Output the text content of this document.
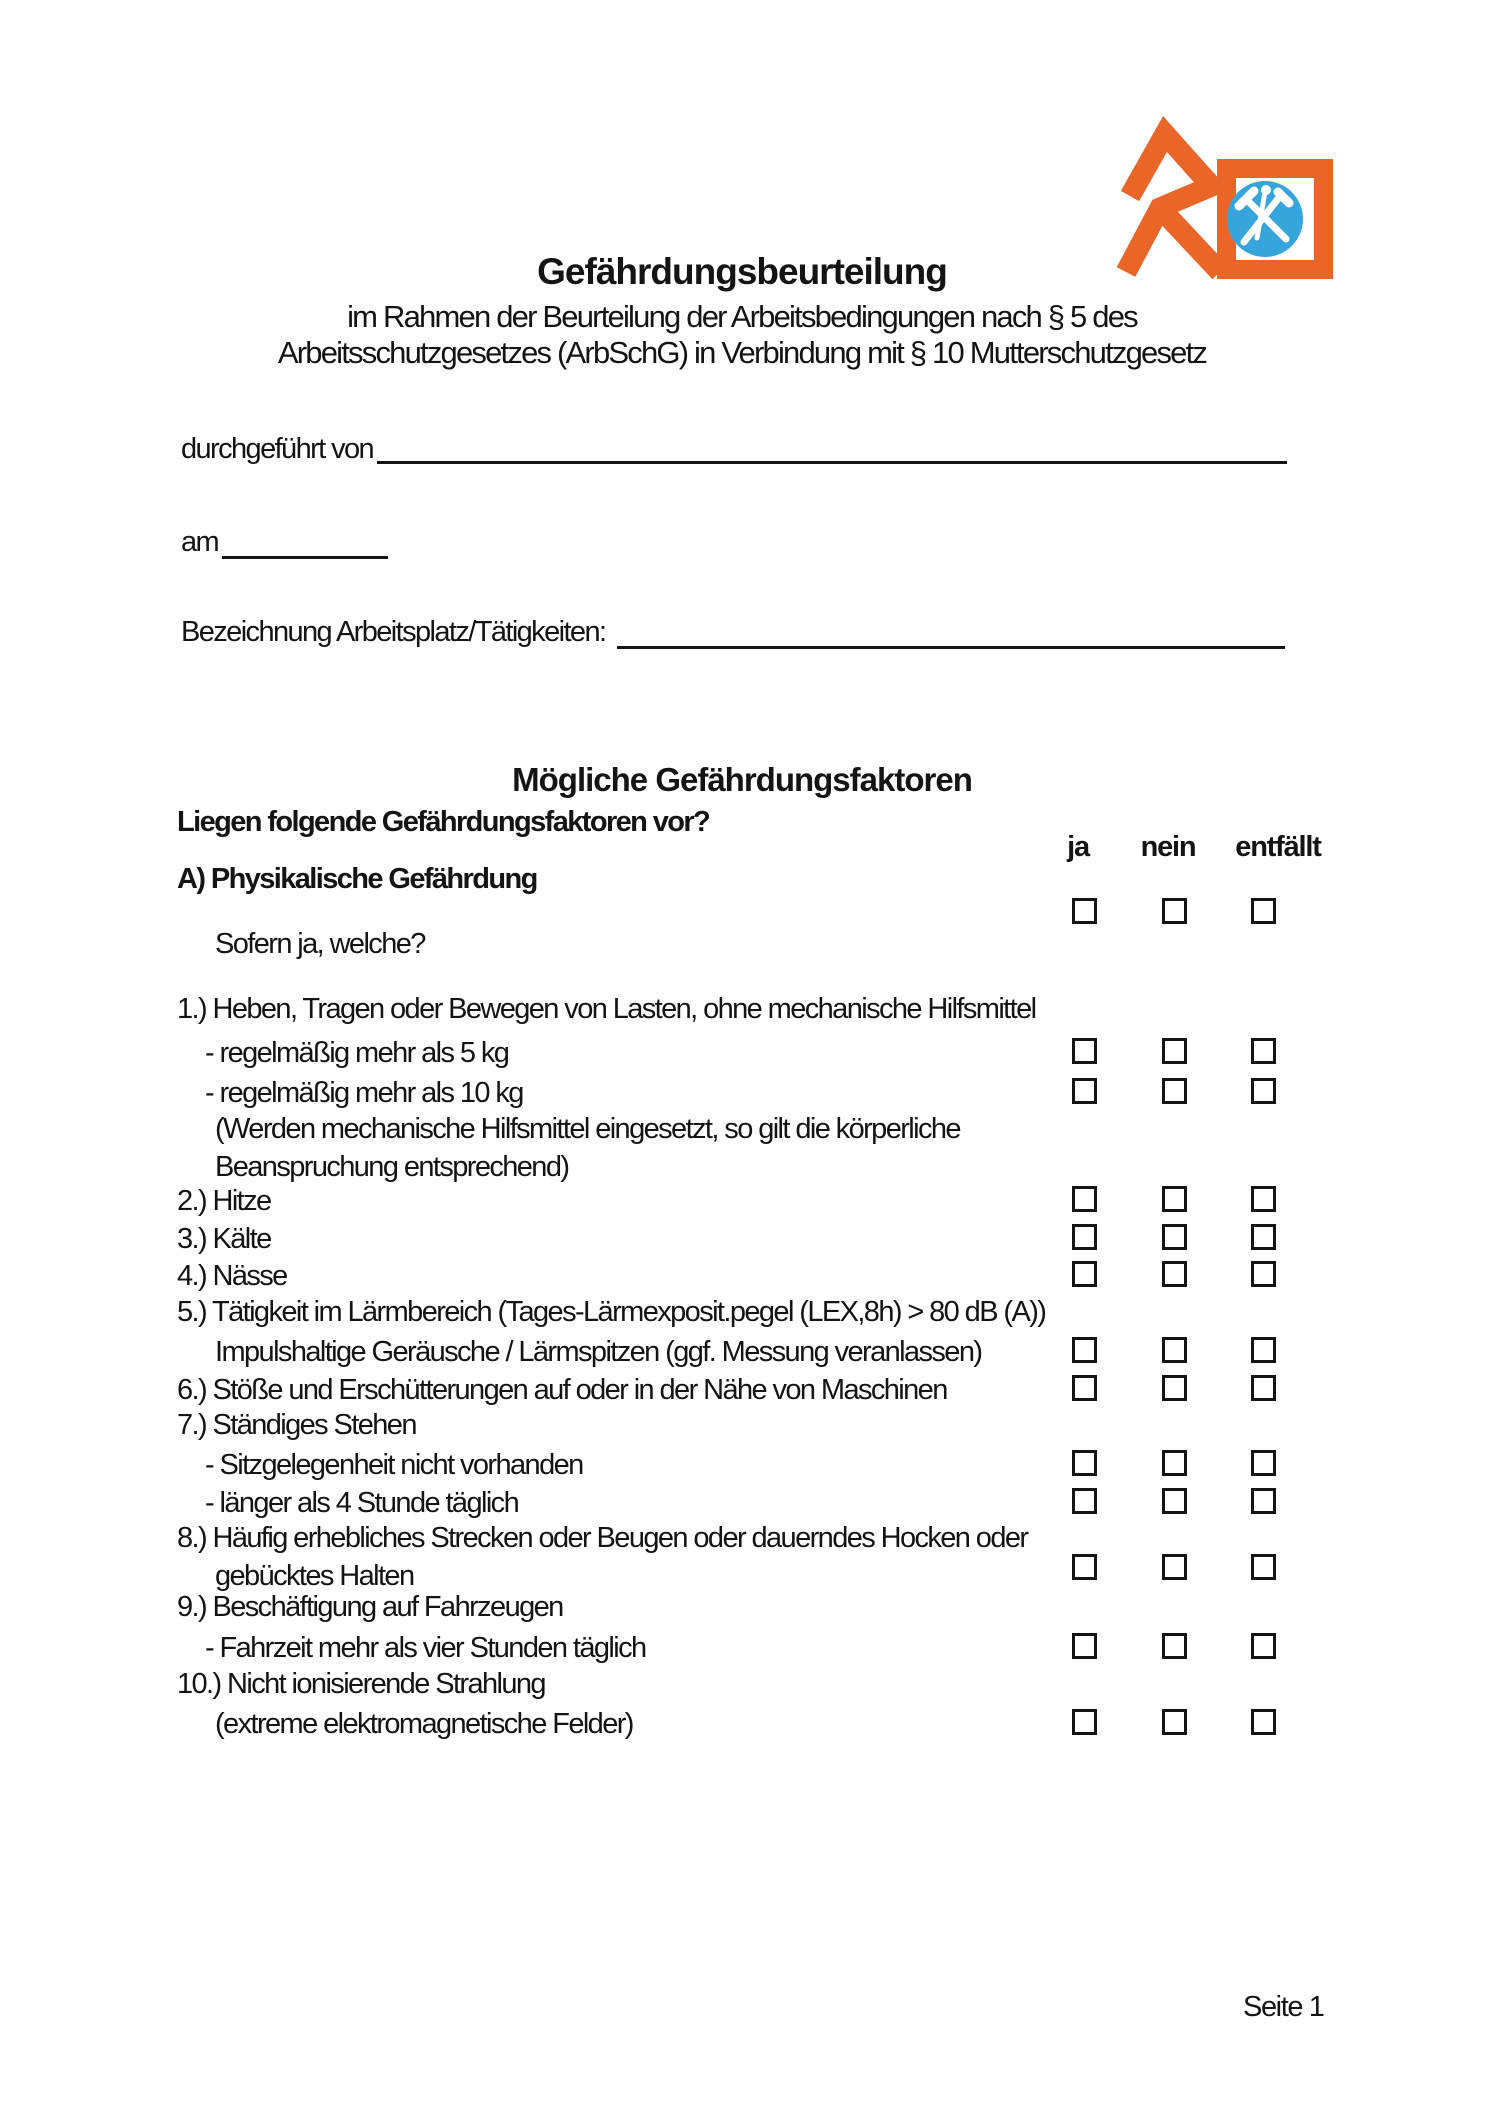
Gefährdungsbeurteilung
im Rahmen der Beurteilung der Arbeitsbedingungen nach § 5 des
Arbeitsschutzgesetzes (ArbSchG) in Verbindung mit § 10 Mutterschutzgesetz
durchgeführt von
am
Bezeichnung Arbeitsplatz/Tätigkeiten:
Mögliche Gefährdungsfaktoren
Liegen folgende Gefährdungsfaktoren vor?
ja	nein	entfällt
A) Physikalische Gefährdung
Sofern ja, welche?
1.) Heben, Tragen oder Bewegen von Lasten, ohne mechanische Hilfsmittel
- regelmäßig mehr als 5 kg
- regelmäßig mehr als 10 kg
(Werden mechanische Hilfsmittel eingesetzt, so gilt die körperliche
Beanspruchung entsprechend)
2.) Hitze
3.) Kälte
4.) Nässe
5.) Tätigkeit im Lärmbereich (Tages-Lärmexposit.pegel (LEX,8h) > 80 dB (A))
Impulshaltige Geräusche / Lärmspitzen (ggf. Messung veranlassen)
6.) Stöße und Erschütterungen auf oder in der Nähe von Maschinen
7.) Ständiges Stehen
- Sitzgelegenheit nicht vorhanden
- länger als 4 Stunde täglich
8.) Häufig erhebliches Strecken oder Beugen oder dauerndes Hocken oder
gebücktes Halten
9.) Beschäftigung auf Fahrzeugen
- Fahrzeit mehr als vier Stunden täglich
10.) Nicht ionisierende Strahlung
(extreme elektromagnetische Felder)
Seite 1
